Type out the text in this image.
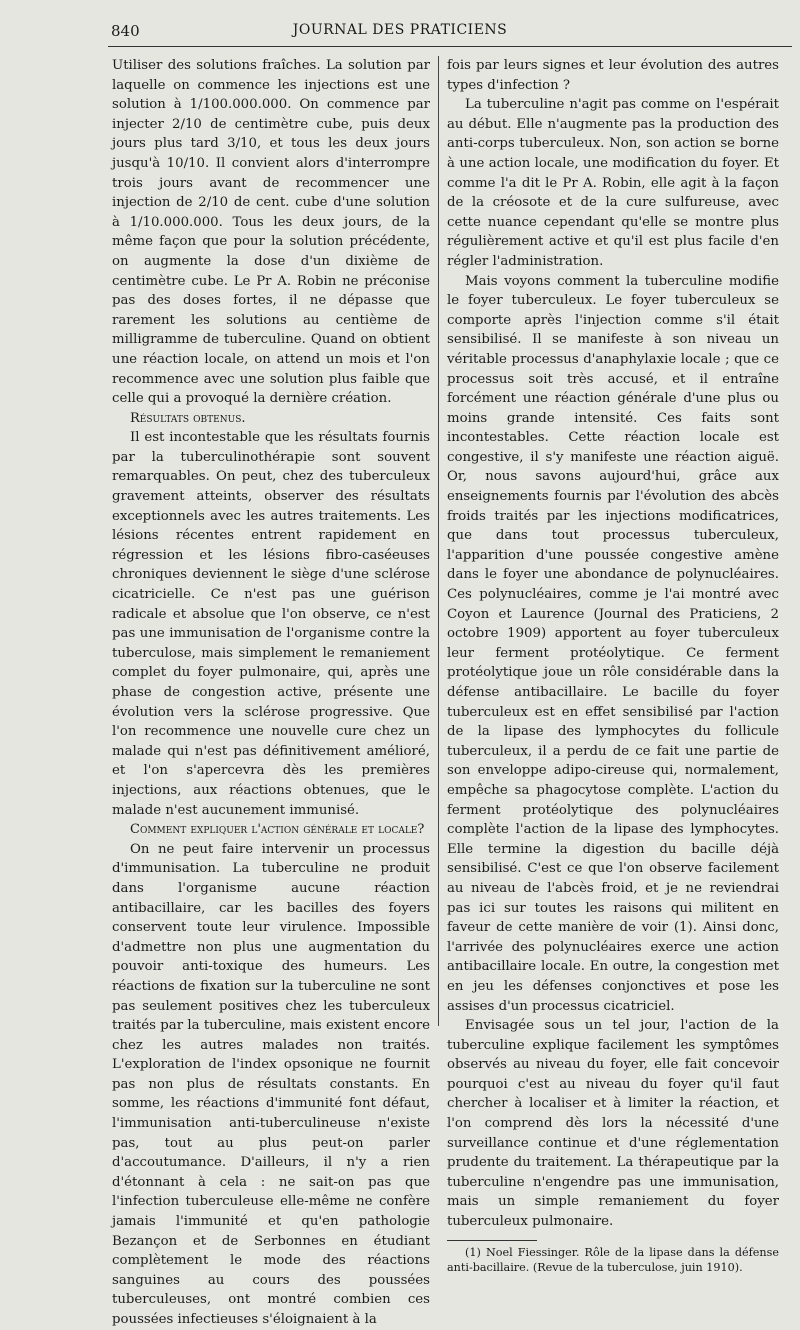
840	JOURNAL DES PRATICIENS

Utiliser des solutions fraîches. La solution par laquelle on commence les injections est une solution à 1/100.000.000. On commence par injecter 2/10 de centimètre cube, puis deux jours plus tard 3/10, et tous les deux jours jusqu'à 10/10. Il convient alors d'interrompre trois jours avant de recommencer une injection de 2/10 de cent. cube d'une solution à 1/10.000.000. Tous les deux jours, de la même façon que pour la solution précédente, on augmente la dose d'un dixième de centimètre cube. Le Pr A. Robin ne préconise pas des doses fortes, il ne dépasse que rarement les solutions au centième de milligramme de tuberculine. Quand on obtient une réaction locale, on attend un mois et l'on recommence avec une solution plus faible que celle qui a provoqué la dernière création.

Résultats obtenus.

Il est incontestable que les résultats fournis par la tuberculinothérapie sont souvent remarquables. On peut, chez des tuberculeux gravement atteints, observer des résultats exceptionnels avec les autres traitements. Les lésions récentes entrent rapidement en régression et les lésions fibro-caséeuses chroniques deviennent le siège d'une sclérose cicatricielle. Ce n'est pas une guérison radicale et absolue que l'on observe, ce n'est pas une immunisation de l'organisme contre la tuberculose, mais simplement le remaniement complet du foyer pulmonaire, qui, après une phase de congestion active, présente une évolution vers la sclérose progressive. Que l'on recommence une nouvelle cure chez un malade qui n'est pas définitivement amélioré, et l'on s'apercevra dès les premières injections, aux réactions obtenues, que le malade n'est aucunement immunisé.

Comment expliquer l'action générale et locale?

On ne peut faire intervenir un processus d'immunisation. La tuberculine ne produit dans l'organisme aucune réaction antibacillaire, car les bacilles des foyers conservent toute leur virulence. Impossible d'admettre non plus une augmentation du pouvoir anti-toxique des humeurs. Les réactions de fixation sur la tuberculine ne sont pas seulement positives chez les tuberculeux traités par la tuberculine, mais existent encore chez les autres malades non traités. L'exploration de l'index opsonique ne fournit pas non plus de résultats constants. En somme, les réactions d'immunité font défaut, l'immunisation anti-tuberculineuse n'existe pas, tout au plus peut-on parler d'accoutumance. D'ailleurs, il n'y a rien d'étonnant à cela : ne sait-on pas que l'infection tuberculeuse elle-même ne confère jamais l'immunité et qu'en pathologie Bezançon et de Serbonnes en étudiant complètement le mode des réactions sanguines au cours des poussées tuberculeuses, ont montré combien ces poussées infectieuses s'éloignaient à la

fois par leurs signes et leur évolution des autres types d'infection ?

La tuberculine n'agit pas comme on l'espérait au début. Elle n'augmente pas la production des anti-corps tuberculeux. Non, son action se borne à une action locale, une modification du foyer. Et comme l'a dit le Pr A. Robin, elle agit à la façon de la créosote et de la cure sulfureuse, avec cette nuance cependant qu'elle se montre plus régulièrement active et qu'il est plus facile d'en régler l'administration.

Mais voyons comment la tuberculine modifie le foyer tuberculeux. Le foyer tuberculeux se comporte après l'injection comme s'il était sensibilisé. Il se manifeste à son niveau un véritable processus d'anaphylaxie locale ; que ce processus soit très accusé, et il entraîne forcément une réaction générale d'une plus ou moins grande intensité. Ces faits sont incontestables. Cette réaction locale est congestive, il s'y manifeste une réaction aiguë. Or, nous savons aujourd'hui, grâce aux enseignements fournis par l'évolution des abcès froids traités par les injections modificatrices, que dans tout processus tuberculeux, l'apparition d'une poussée congestive amène dans le foyer une abondance de polynucléaires. Ces polynucléaires, comme je l'ai montré avec Coyon et Laurence (Journal des Praticiens, 2 octobre 1909) apportent au foyer tuberculeux leur ferment protéolytique. Ce ferment protéolytique joue un rôle considérable dans la défense antibacillaire. Le bacille du foyer tuberculeux est en effet sensibilisé par l'action de la lipase des lymphocytes du follicule tuberculeux, il a perdu de ce fait une partie de son enveloppe adipo-cireuse qui, normalement, empêche sa phagocytose complète. L'action du ferment protéolytique des polynucléaires complète l'action de la lipase des lymphocytes. Elle termine la digestion du bacille déjà sensibilisé. C'est ce que l'on observe facilement au niveau de l'abcès froid, et je ne reviendrai pas ici sur toutes les raisons qui militent en faveur de cette manière de voir (1). Ainsi donc, l'arrivée des polynucléaires exerce une action antibacillaire locale. En outre, la congestion met en jeu les défenses conjonctives et pose les assises d'un processus cicatriciel.

Envisagée sous un tel jour, l'action de la tuberculine explique facilement les symptômes observés au niveau du foyer, elle fait concevoir pourquoi c'est au niveau du foyer qu'il faut chercher à localiser et à limiter la réaction, et l'on comprend dès lors la nécessité d'une surveillance continue et d'une réglementation prudente du traitement. La thérapeutique par la tuberculine n'engendre pas une immunisation, mais un simple remaniement du foyer tuberculeux pulmonaire.

(1) Noel Fiessinger. Rôle de la lipase dans la défense anti-bacillaire. (Revue de la tuberculose, juin 1910).
